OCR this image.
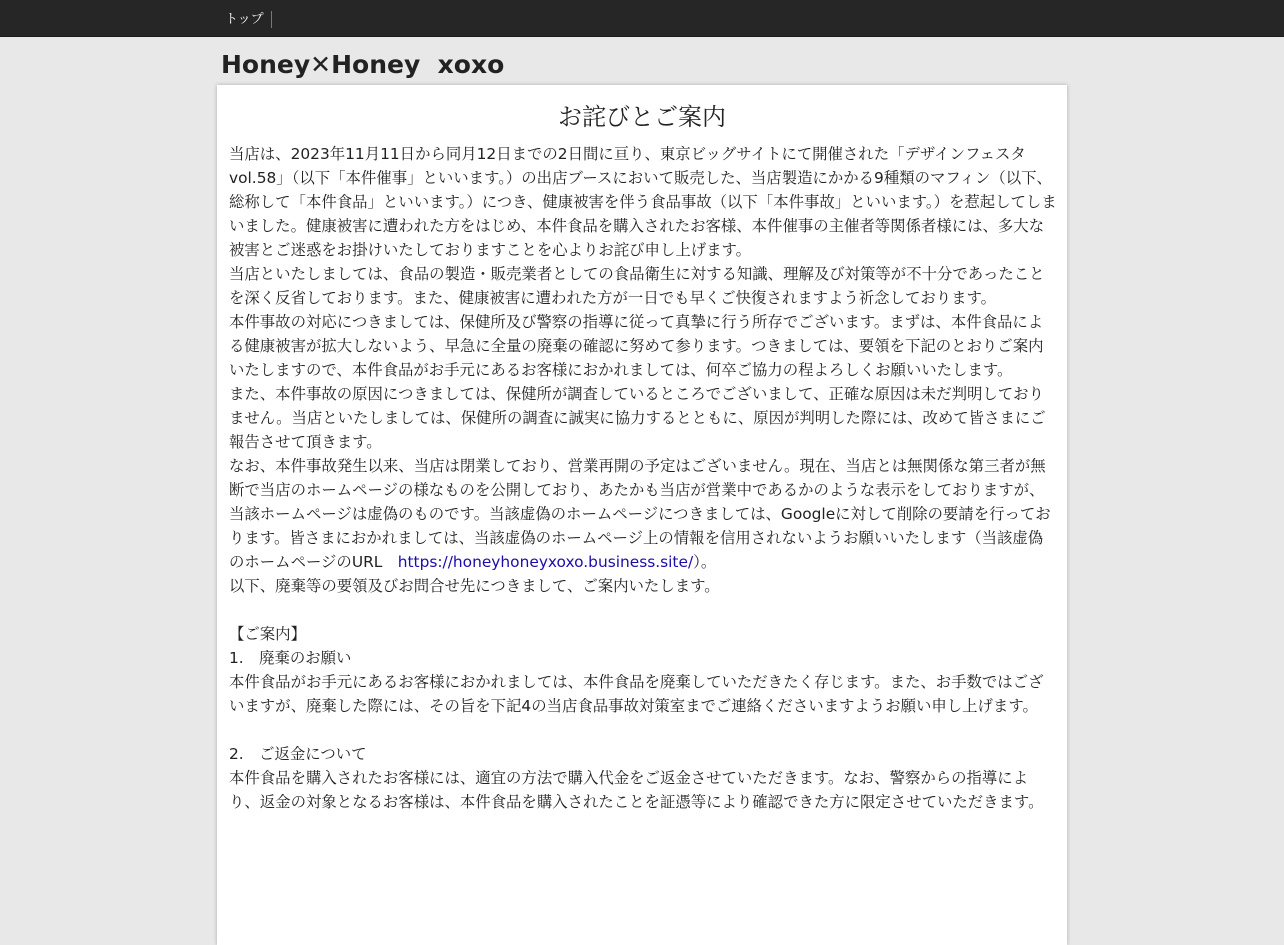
トップ
Honey✕Honey  xoxo
お詫びとご案内

当店は、2023年11月11日から同月12日までの2日間に亘り、東京ビッグサイトにて開催された「デザインフェスタvol.58」（以下「本件催事」といいます。）の出店ブースにおいて販売した、当店製造にかかる9種類のマフィン（以下、総称して「本件食品」といいます。）につき、健康被害を伴う食品事故（以下「本件事故」といいます。）を惹起してしまいました。健康被害に遭われた方をはじめ、本件食品を購入されたお客様、本件催事の主催者等関係者様には、多大な被害とご迷惑をお掛けいたしておりますことを心よりお詫び申し上げます。

当店といたしましては、食品の製造・販売業者としての食品衛生に対する知識、理解及び対策等が不十分であったことを深く反省しております。また、健康被害に遭われた方が一日でも早くご快復されますよう祈念しております。

本件事故の対応につきましては、保健所及び警察の指導に従って真摯に行う所存でございます。まずは、本件食品による健康被害が拡大しないよう、早急に全量の廃棄の確認に努めて参ります。つきましては、要領を下記のとおりご案内いたしますので、本件食品がお手元にあるお客様におかれましては、何卒ご協力の程よろしくお願いいたします。

また、本件事故の原因につきましては、保健所が調査しているところでございまして、正確な原因は未だ判明しておりません。当店といたしましては、保健所の調査に誠実に協力するとともに、原因が判明した際には、改めて皆さまにご報告させて頂きます。

なお、本件事故発生以来、当店は閉業しており、営業再開の予定はございません。現在、当店とは無関係な第三者が無断で当店のホームページの様なものを公開しており、あたかも当店が営業中であるかのような表示をしておりますが、当該ホームページは虚偽のものです。当該虚偽のホームページにつきましては、Googleに対して削除の要請を行っております。皆さまにおかれましては、当該虚偽のホームページ上の情報を信用されないようお願いいたします（当該虚偽のホームページのURL　https://honeyhoneyxoxo.business.site/）。

以下、廃棄等の要領及びお問合せ先につきまして、ご案内いたします。

【ご案内】

1.　廃棄のお願い

本件食品がお手元にあるお客様におかれましては、本件食品を廃棄していただきたく存じます。また、お手数ではございますが、廃棄した際には、その旨を下記4の当店食品事故対策室までご連絡くださいますようお願い申し上げます。

2.　ご返金について

本件食品を購入されたお客様には、適宜の方法で購入代金をご返金させていただきます。なお、警察からの指導により、返金の対象となるお客様は、本件食品を購入されたことを証憑等により確認できた方に限定させていただきます。
